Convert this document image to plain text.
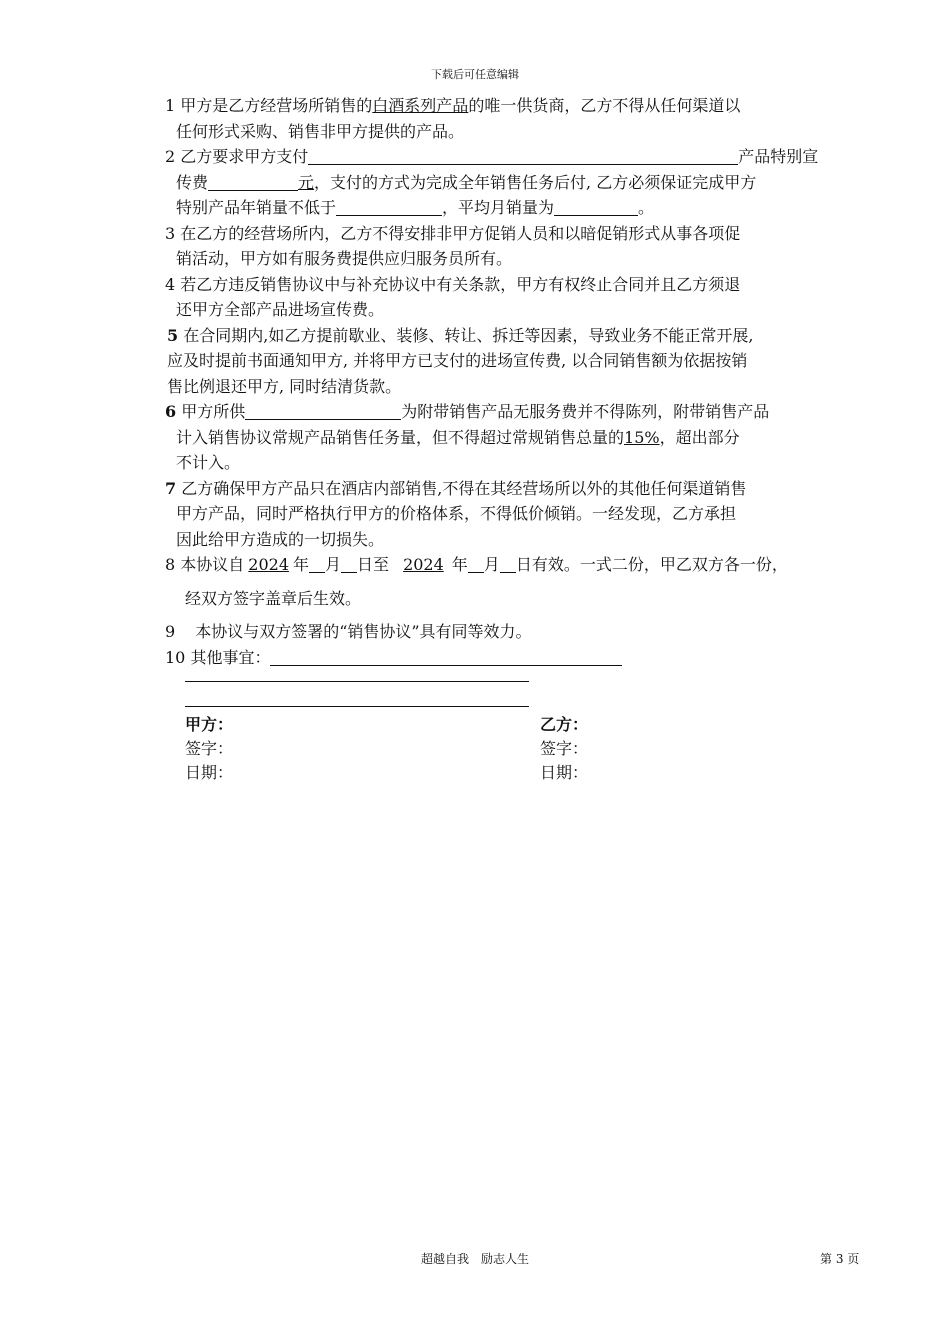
下载后可任意编辑

1 甲方是乙方经营场所销售的白酒系列产品的唯一供货商，乙方不得从任何渠道以

任何形式采购、销售非甲方提供的产品。

2 乙方要求甲方支付	产品特别宣

传费	元，支付的方式为完成全年销售任务后付, 乙方必须保证完成甲方

特别产品年销量不低于	，平均月销量为	。

3 在乙方的经营场所内，乙方不得安排非甲方促销人员和以暗促销形式从事各项促

销活动，甲方如有服务费提供应归服务员所有。

4 若乙方违反销售协议中与补充协议中有关条款，甲方有权终止合同并且乙方须退

还甲方全部产品进场宣传费。

5 在合同期内,如乙方提前歇业、装修、转让、拆迁等因素，导致业务不能正常开展,

应及时提前书面通知甲方, 并将甲方已支付的进场宣传费, 以合同销售额为依据按销

售比例退还甲方, 同时结清货款。

6 甲方所供	为附带销售产品无服务费并不得陈列，附带销售产品

计入销售协议常规产品销售任务量，但不得超过常规销售总量的15%，超出部分

不计入。

7 乙方确保甲方产品只在酒店内部销售,不得在其经营场所以外的其他任何渠道销售

甲方产品，同时严格执行甲方的价格体系，不得低价倾销。一经发现，乙方承担

因此给甲方造成的一切损失。

8 本协议自 2024 年 月 日至 2024 年 月 日有效。一式二份，甲乙双方各一份，

经双方签字盖章后生效。

9 本协议与双方签署的“销售协议”具有同等效力。

10 其他事宜：

甲方：
签字：
日期：
乙方：
签字：
日期：
超越自我　励志人生	第 3 页
